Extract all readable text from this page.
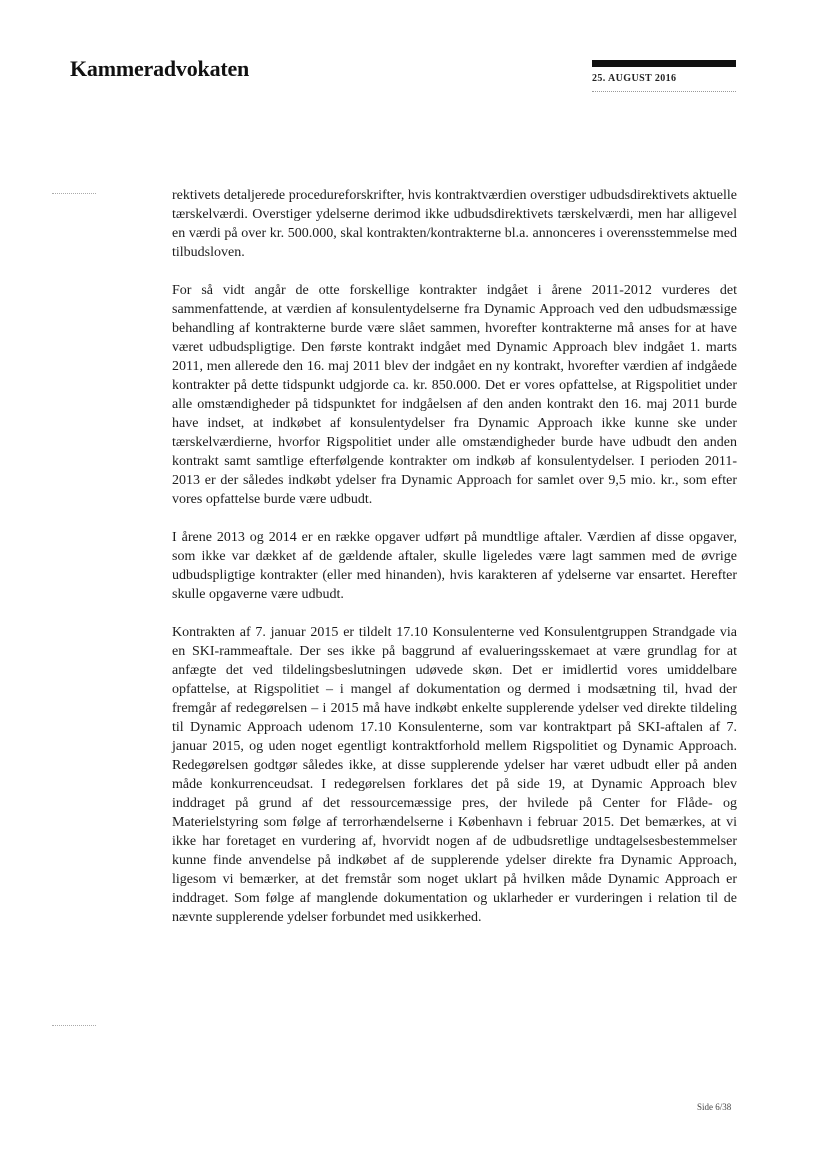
Kammeradvokaten	25. AUGUST 2016

rektivets detaljerede procedureforskrifter, hvis kontraktværdien overstiger udbudsdirektivets aktuelle tærskelværdi. Overstiger ydelserne derimod ikke udbudsdirektivets tærskelværdi, men har alligevel en værdi på over kr. 500.000, skal kontrakten/kontrakterne bl.a. annonceres i overensstemmelse med tilbudsloven.

For så vidt angår de otte forskellige kontrakter indgået i årene 2011-2012 vurderes det sammenfattende, at værdien af konsulentydelserne fra Dynamic Approach ved den udbudsmæssige behandling af kontrakterne burde være slået sammen, hvorefter kontrakterne må anses for at have været udbudspligtige. Den første kontrakt indgået med Dynamic Approach blev indgået 1. marts 2011, men allerede den 16. maj 2011 blev der indgået en ny kontrakt, hvorefter værdien af indgåede kontrakter på dette tidspunkt udgjorde ca. kr. 850.000. Det er vores opfattelse, at Rigspolitiet under alle omstændigheder på tidspunktet for indgåelsen af den anden kontrakt den 16. maj 2011 burde have indset, at indkøbet af konsulentydelser fra Dynamic Approach ikke kunne ske under tærskelværdierne, hvorfor Rigspolitiet under alle omstændigheder burde have udbudt den anden kontrakt samt samtlige efterfølgende kontrakter om indkøb af konsulentydelser. I perioden 2011-2013 er der således indkøbt ydelser fra Dynamic Approach for samlet over 9,5 mio. kr., som efter vores opfattelse burde være udbudt.

I årene 2013 og 2014 er en række opgaver udført på mundtlige aftaler. Værdien af disse opgaver, som ikke var dækket af de gældende aftaler, skulle ligeledes være lagt sammen med de øvrige udbudspligtige kontrakter (eller med hinanden), hvis karakteren af ydelserne var ensartet. Herefter skulle opgaverne være udbudt.

Kontrakten af 7. januar 2015 er tildelt 17.10 Konsulenterne ved Konsulentgruppen Strandgade via en SKI-rammeaftale. Der ses ikke på baggrund af evalueringsskemaet at være grundlag for at anfægte det ved tildelingsbeslutningen udøvede skøn. Det er imidlertid vores umiddelbare opfattelse, at Rigspolitiet – i mangel af dokumentation og dermed i modsætning til, hvad der fremgår af redegørelsen – i 2015 må have indkøbt enkelte supplerende ydelser ved direkte tildeling til Dynamic Approach udenom 17.10 Konsulenterne, som var kontraktpart på SKI-aftalen af 7. januar 2015, og uden noget egentligt kontraktforhold mellem Rigspolitiet og Dynamic Approach. Redegørelsen godtgør således ikke, at disse supplerende ydelser har været udbudt eller på anden måde konkurrenceudsat. I redegørelsen forklares det på side 19, at Dynamic Approach blev inddraget på grund af det ressourcemæssige pres, der hvilede på Center for Flåde- og Materielstyring som følge af terrorhændelserne i København i februar 2015. Det bemærkes, at vi ikke har foretaget en vurdering af, hvorvidt nogen af de udbudsretlige undtagelsesbestemmelser kunne finde anvendelse på indkøbet af de supplerende ydelser direkte fra Dynamic Approach, ligesom vi bemærker, at det fremstår som noget uklart på hvilken måde Dynamic Approach er inddraget. Som følge af manglende dokumentation og uklarheder er vurderingen i relation til de nævnte supplerende ydelser forbundet med usikkerhed.

Side 6/38
